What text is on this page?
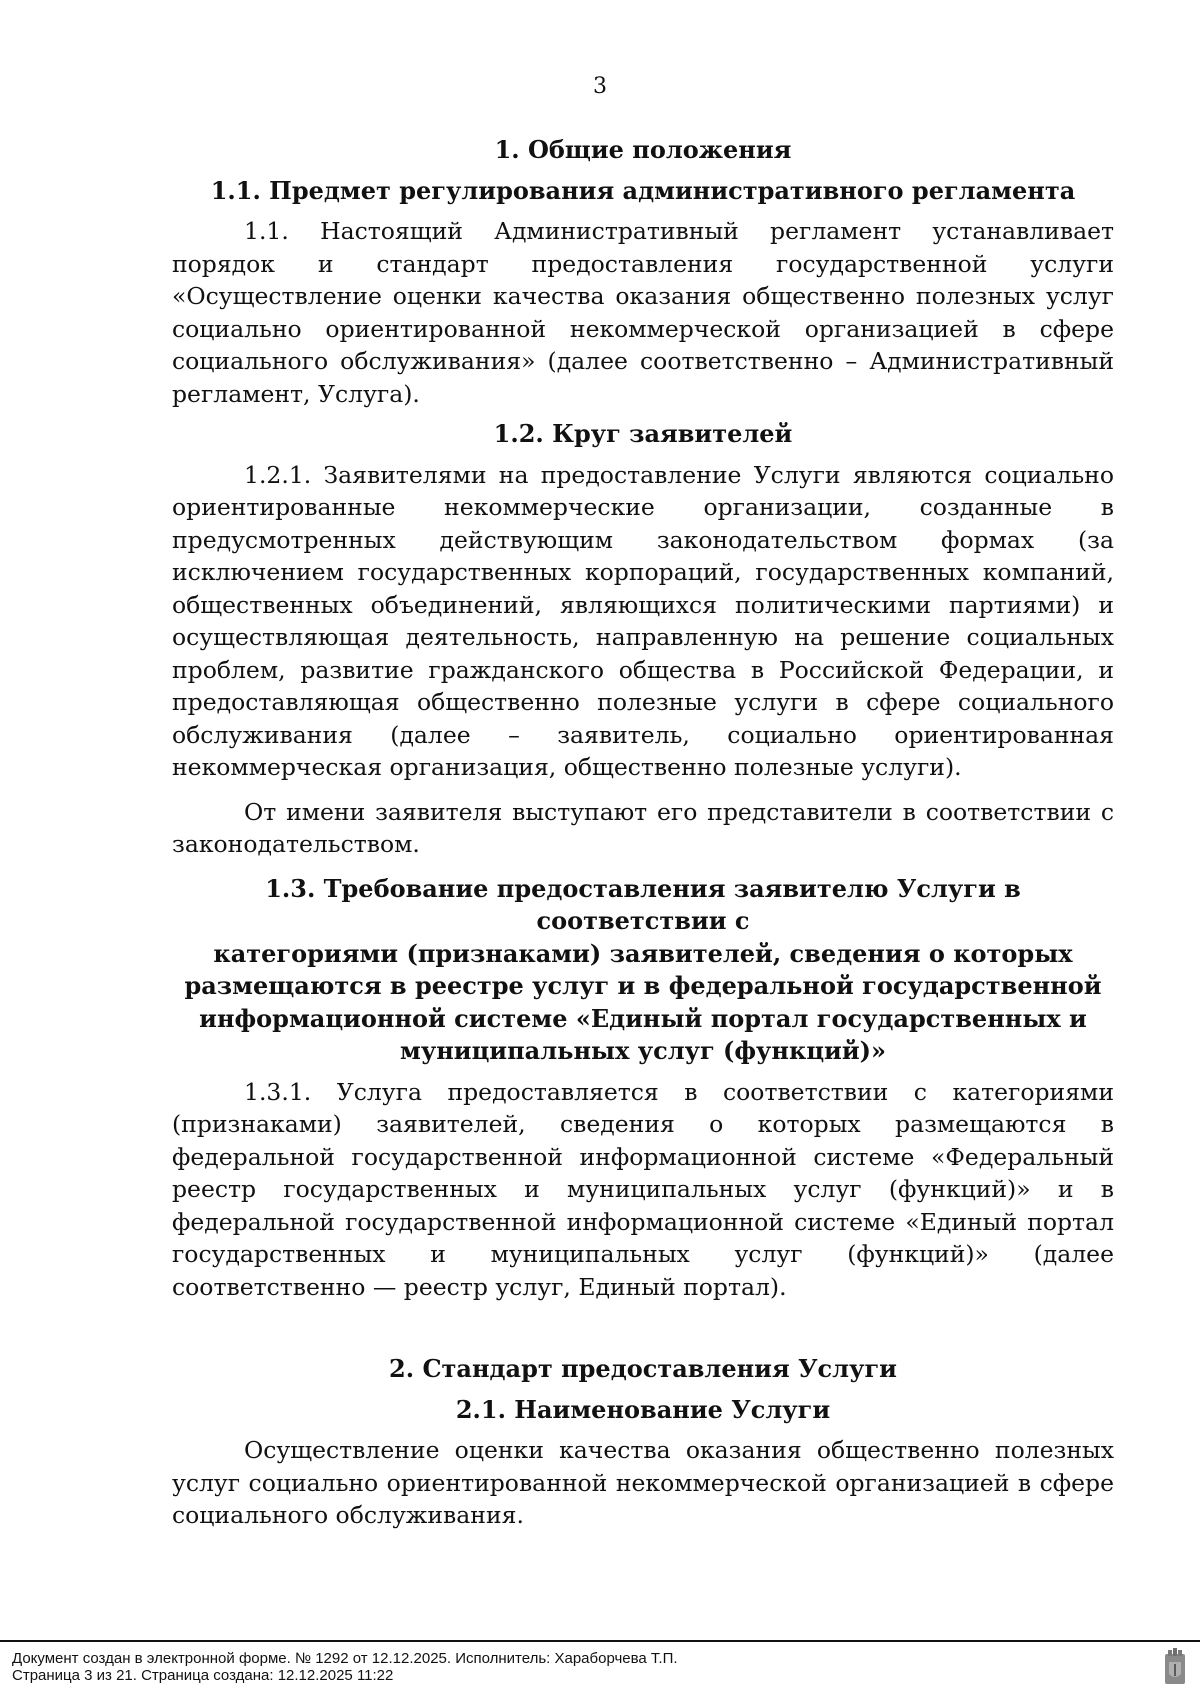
3
1. Общие положения
1.1. Предмет регулирования административного регламента

1.1. Настоящий Административный регламент устанавливает порядок и стандарт предоставления государственной услуги «Осуществление оценки качества оказания общественно полезных услуг социально ориентированной некоммерческой организацией в сфере социального обслуживания» (далее соответственно – Административный регламент, Услуга).

1.2. Круг заявителей

1.2.1. Заявителями на предоставление Услуги являются социально ориентированные некоммерческие организации, созданные в предусмотренных действующим законодательством формах (за исключением государственных корпораций, государственных компаний, общественных объединений, являющихся политическими партиями) и осуществляющая деятельность, направленную на решение социальных проблем, развитие гражданского общества в Российской Федерации, и предоставляющая общественно полезные услуги в сфере социального обслуживания (далее – заявитель, социально ориентированная некоммерческая организация, общественно полезные услуги).

От имени заявителя выступают его представители в соответствии с законодательством.

1.3. Требование предоставления заявителю Услуги в соответствии с
категориями (признаками) заявителей, сведения о которых
размещаются в реестре услуг и в федеральной государственной
информационной системе «Единый портал государственных и
муниципальных услуг (функций)»

1.3.1. Услуга предоставляется в соответствии с категориями (признаками) заявителей, сведения о которых размещаются в федеральной государственной информационной системе «Федеральный реестр государственных и муниципальных услуг (функций)» и в федеральной государственной информационной системе «Единый портал государственных и муниципальных услуг (функций)» (далее соответственно — реестр услуг, Единый портал).

2. Стандарт предоставления Услуги
2.1. Наименование Услуги

Осуществление оценки качества оказания общественно полезных услуг социально ориентированной некоммерческой организацией в сфере социального обслуживания.

Документ создан в электронной форме. № 1292 от 12.12.2025. Исполнитель: Хараборчева Т.П.
Страница 3 из 21. Страница создана: 12.12.2025 11:22
